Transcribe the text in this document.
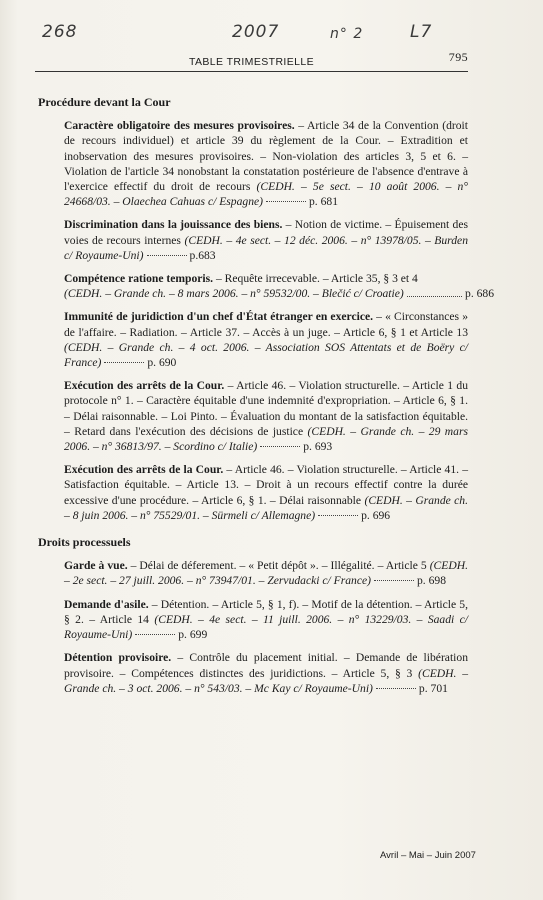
268	2007	n° 2	L7
TABLE TRIMESTRIELLE	795
Procédure devant la Cour
Caractère obligatoire des mesures provisoires. – Article 34 de la Convention (droit de recours individuel) et article 39 du règlement de la Cour. – Extradition et inobservation des mesures provisoires. – Non-violation des articles 3, 5 et 6. – Violation de l'article 34 nonobstant la constatation postérieure de l'absence d'entrave à l'exercice effectif du droit de recours (CEDH. – 5e sect. – 10 août 2006. – n° 24668/03. – Olaechea Cahuas c/ Espagne)	p. 681
Discrimination dans la jouissance des biens. – Notion de victime. – Épuisement des voies de recours internes (CEDH. – 4e sect. – 12 déc. 2006. – n° 13978/05. – Burden c/ Royaume-Uni)	p.683
Compétence ratione temporis. – Requête irrecevable. – Article 35, § 3 et 4
(CEDH. – Grande ch. – 8 mars 2006. – n° 59532/00. – Blečić c/ Croatie)	p. 686
Immunité de juridiction d'un chef d'État étranger en exercice. – « Circonstances » de l'affaire. – Radiation. – Article 37. – Accès à un juge. – Article 6, § 1 et Article 13 (CEDH. – Grande ch. – 4 oct. 2006. – Association SOS Attentats et de Boëry c/ France)	p. 690
Exécution des arrêts de la Cour. – Article 46. – Violation structurelle. – Article 1 du protocole n° 1. – Caractère équitable d'une indemnité d'expropriation. – Article 6, § 1. – Délai raisonnable. – Loi Pinto. – Évaluation du montant de la satisfaction équitable. – Retard dans l'exécution des décisions de justice (CEDH. – Grande ch. – 29 mars 2006. – n° 36813/97. – Scordino c/ Italie)	p. 693
Exécution des arrêts de la Cour. – Article 46. – Violation structurelle. – Article 41. – Satisfaction équitable. – Article 13. – Droit à un recours effectif contre la durée excessive d'une procédure. – Article 6, § 1. – Délai raisonnable (CEDH. – Grande ch. – 8 juin 2006. – n° 75529/01. – Sürmeli c/ Allemagne)	p. 696
Droits processuels
Garde à vue. – Délai de déferement. – « Petit dépôt ». – Illégalité. – Article 5 (CEDH. – 2e sect. – 27 juill. 2006. – n° 73947/01. – Zervudacki c/ France)	p. 698
Demande d'asile. – Détention. – Article 5, § 1, f). – Motif de la détention. – Article 5, § 2. – Article 14 (CEDH. – 4e sect. – 11 juill. 2006. – n° 13229/03. – Saadi c/ Royaume-Uni)	p. 699
Détention provisoire. – Contrôle du placement initial. – Demande de libération provisoire. – Compétences distinctes des juridictions. – Article 5, § 3 (CEDH. – Grande ch. – 3 oct. 2006. – n° 543/03. – Mc Kay c/ Royaume-Uni)	p. 701
Avril – Mai – Juin 2007
